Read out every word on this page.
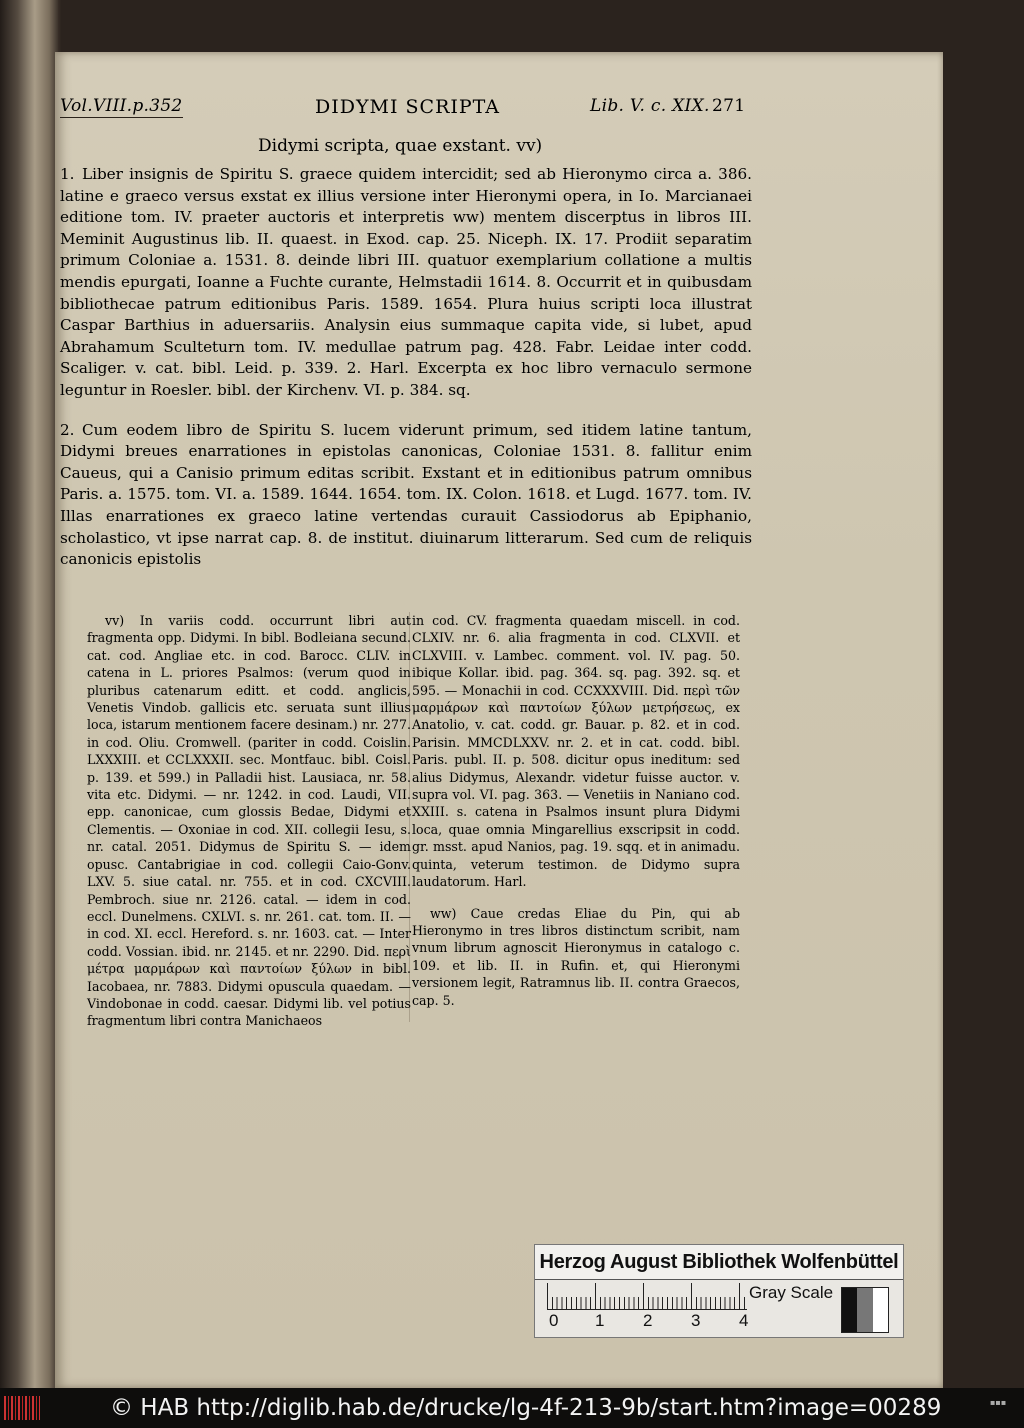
Vol.VIII.p.352	DIDYMI SCRIPTA	Lib. V. c. XIX. 271
Didymi scripta, quae exstant. vv)
1. Liber insignis de Spiritu S. graece quidem intercidit; sed ab Hieronymo circa a. 386. latine e graeco versus exstat ex illius versione inter Hieronymi opera, in Io. Marcianaei editione tom. IV. praeter auctoris et interpretis ww) mentem discerptus in libros III. Meminit Augustinus lib. II. quaest. in Exod. cap. 25. Niceph. IX. 17. Prodiit separatim primum Coloniae a. 1531. 8. deinde libri III. quatuor exemplarium collatione a multis mendis epurgati, Ioanne a Fuchte curante, Helmstadii 1614. 8. Occurrit et in quibusdam bibliothecae patrum editionibus Paris. 1589. 1654. Plura huius scripti loca illustrat Caspar Barthius in aduersariis. Analysin eius summaque capita vide, si lubet, apud Abrahamum Sculteturn tom. IV. medullae patrum pag. 428. Fabr. Leidae inter codd. Scaliger. v. cat. bibl. Leid. p. 339. 2. Harl. Excerpta ex hoc libro vernaculo sermone leguntur in Roesler. bibl. der Kirchenv. VI. p. 384. sq.
2. Cum eodem libro de Spiritu S. lucem viderunt primum, sed itidem latine tantum, Didymi breues enarrationes in epistolas canonicas, Coloniae 1531. 8. fallitur enim Caueus, qui a Canisio primum editas scribit. Exstant et in editionibus patrum omnibus Paris. a. 1575. tom. VI. a. 1589. 1644. 1654. tom. IX. Colon. 1618. et Lugd. 1677. tom. IV. Illas enarrationes ex graeco latine vertendas curauit Cassiodorus ab Epiphanio, scholastico, vt ipse narrat cap. 8. de institut. diuinarum litterarum. Sed cum de reliquis canonicis epistolis
vv) In variis codd. occurrunt libri aut fragmenta opp. Didymi. In bibl. Bodleiana secund. cat. cod. Angliae etc. in cod. Barocc. CLIV. in catena in L. priores Psalmos: (verum quod in pluribus catenarum editt. et codd. anglicis, Venetis Vindob. gallicis etc. seruata sunt illius loca, istarum mentionem facere desinam.) nr. 277. in cod. Oliu. Cromwell. (pariter in codd. Coislin. LXXXIII. et CCLXXXII. sec. Montfauc. bibl. Coisl. p. 139. et 599.) in Palladii hist. Lausiaca, nr. 58. vita etc. Didymi. — nr. 1242. in cod. Laudi, VII. epp. canonicae, cum glossis Bedae, Didymi et Clementis. — Oxoniae in cod. XII. collegii Iesu, s. nr. catal. 2051. Didymus de Spiritu S. — idem opusc. Cantabrigiae in cod. collegii Caio-Gonv. LXV. 5. siue catal. nr. 755. et in cod. CXCVIII. Pembroch. siue nr. 2126. catal. — idem in cod. eccl. Dunelmens. CXLVI. s. nr. 261. cat. tom. II. — in cod. XI. eccl. Hereford. s. nr. 1603. cat. — Inter codd. Vossian. ibid. nr. 2145. et nr. 2290. Did. περὶ μέτρα μαρμάρων καὶ παντοίων ξύλων in bibl. Iacobaea, nr. 7883. Didymi opuscula quaedam. — Vindobonae in codd. caesar. Didymi lib. vel potius fragmentum libri contra Manichaeos
in cod. CV. fragmenta quaedam miscell. in cod. CLXIV. nr. 6. alia fragmenta in cod. CLXVII. et CLXVIII. v. Lambec. comment. vol. IV. pag. 50. ibique Kollar. ibid. pag. 364. sq. pag. 392. sq. et 595. — Monachii in cod. CCXXXVIII. Did. περὶ τῶν μαρμάρων καὶ παντοίων ξύλων μετρήσεως, ex Anatolio, v. cat. codd. gr. Bauar. p. 82. et in cod. Parisin. MMCDLXXV. nr. 2. et in cat. codd. bibl. Paris. publ. II. p. 508. dicitur opus ineditum: sed alius Didymus, Alexandr. videtur fuisse auctor. v. supra vol. VI. pag. 363. — Venetiis in Naniano cod. XXIII. s. catena in Psalmos insunt plura Didymi loca, quae omnia Mingarellius exscripsit in codd. gr. msst. apud Nanios, pag. 19. sqq. et in animadu. quinta, veterum testimon. de Didymo supra laudatorum. Harl.
ww) Caue credas Eliae du Pin, qui ab Hieronymo in tres libros distinctum scribit, nam vnum librum agnoscit Hieronymus in catalogo c. 109. et lib. II. in Rufin. et, qui Hieronymi versionem legit, Ratramnus lib. II. contra Graecos, cap. 5.
Herzog August Bibliothek Wolfenbüttel
0 1 2 3 4
Gray Scale
© HAB http://diglib.hab.de/drucke/lg-4f-213-9b/start.htm?image=00289	▪▪▪
